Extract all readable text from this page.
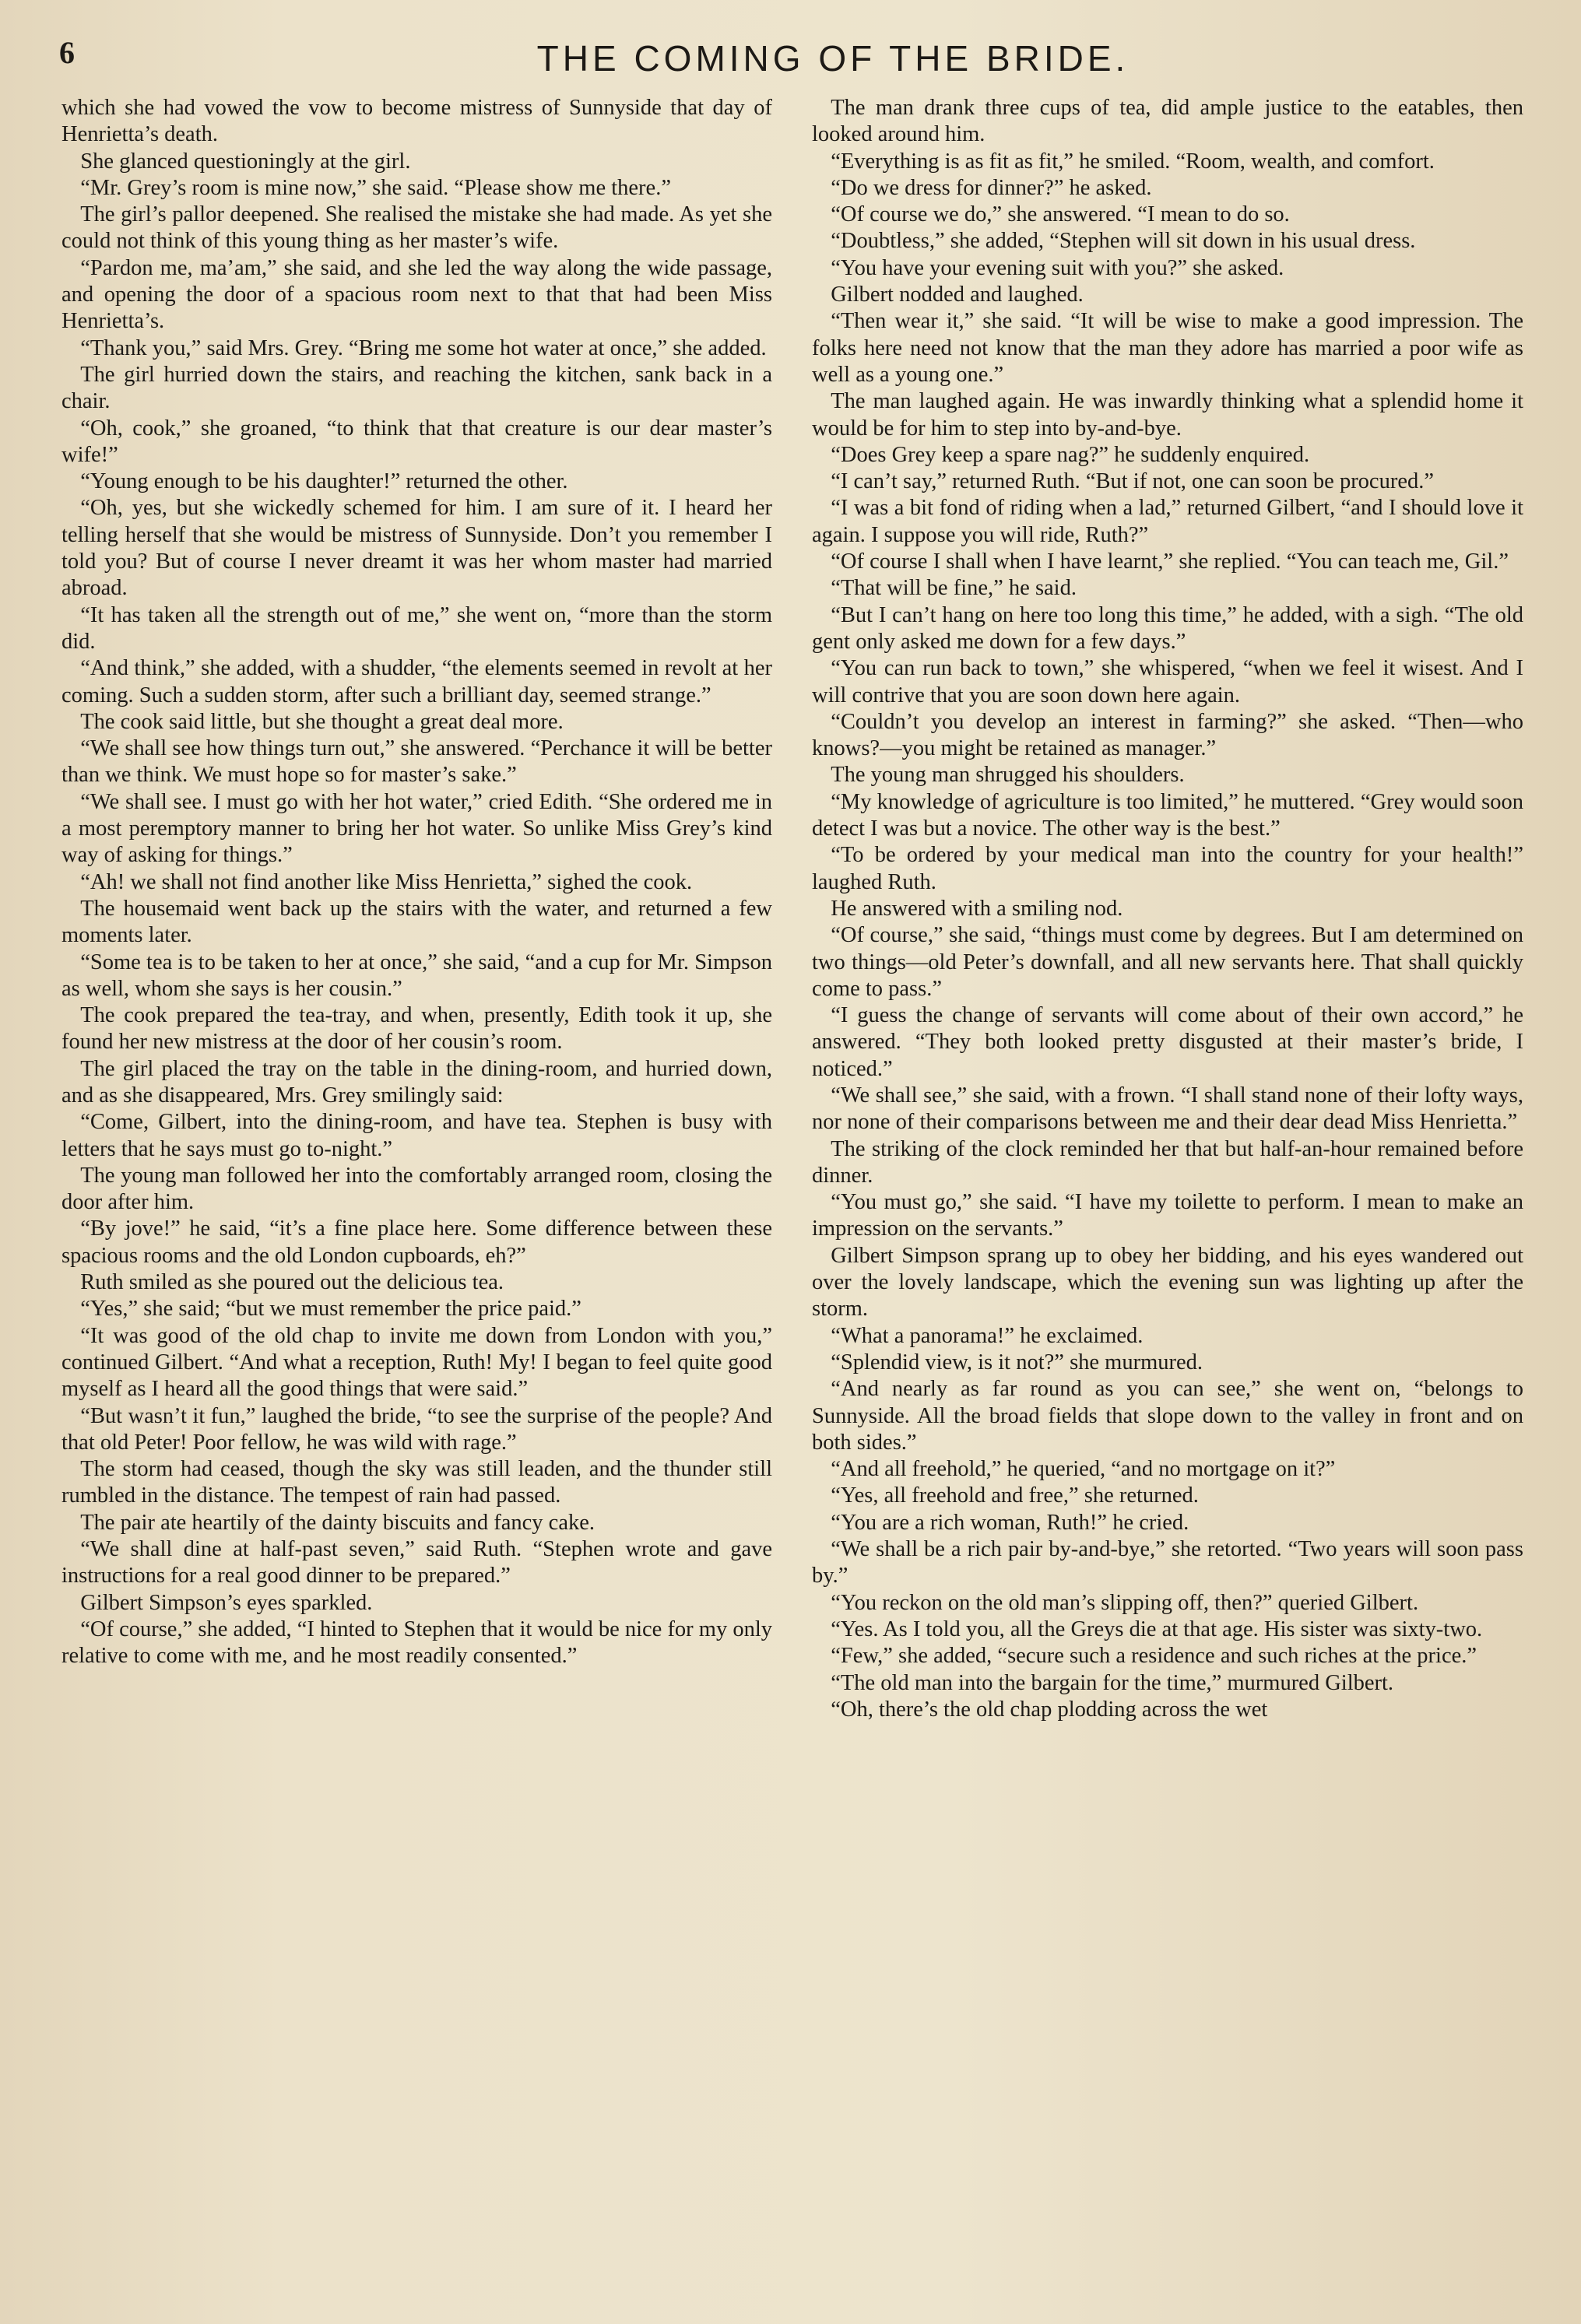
6	THE COMING OF THE BRIDE.

which she had vowed the vow to become mistress of Sunnyside that day of Henrietta’s death.

She glanced questioningly at the girl.

“Mr. Grey’s room is mine now,” she said. “Please show me there.”

The girl’s pallor deepened. She realised the mistake she had made. As yet she could not think of this young thing as her master’s wife.

“Pardon me, ma’am,” she said, and she led the way along the wide passage, and opening the door of a spacious room next to that that had been Miss Henrietta’s.

“Thank you,” said Mrs. Grey. “Bring me some hot water at once,” she added.

The girl hurried down the stairs, and reaching the kitchen, sank back in a chair.

“Oh, cook,” she groaned, “to think that that creature is our dear master’s wife!”

“Young enough to be his daughter!” returned the other.

“Oh, yes, but she wickedly schemed for him. I am sure of it. I heard her telling herself that she would be mistress of Sunnyside. Don’t you remember I told you? But of course I never dreamt it was her whom master had married abroad.

“It has taken all the strength out of me,” she went on, “more than the storm did.

“And think,” she added, with a shudder, “the elements seemed in revolt at her coming. Such a sudden storm, after such a brilliant day, seemed strange.”

The cook said little, but she thought a great deal more.

“We shall see how things turn out,” she answered. “Perchance it will be better than we think. We must hope so for master’s sake.”

“We shall see. I must go with her hot water,” cried Edith. “She ordered me in a most peremptory manner to bring her hot water. So unlike Miss Grey’s kind way of asking for things.”

“Ah! we shall not find another like Miss Henrietta,” sighed the cook.

The housemaid went back up the stairs with the water, and returned a few moments later.

“Some tea is to be taken to her at once,” she said, “and a cup for Mr. Simpson as well, whom she says is her cousin.”

The cook prepared the tea-tray, and when, presently, Edith took it up, she found her new mistress at the door of her cousin’s room.

The girl placed the tray on the table in the dining-room, and hurried down, and as she disappeared, Mrs. Grey smilingly said:

“Come, Gilbert, into the dining-room, and have tea. Stephen is busy with letters that he says must go to-night.”

The young man followed her into the comfortably arranged room, closing the door after him.

“By jove!” he said, “it’s a fine place here. Some difference between these spacious rooms and the old London cupboards, eh?”

Ruth smiled as she poured out the delicious tea.

“Yes,” she said; “but we must remember the price paid.”

“It was good of the old chap to invite me down from London with you,” continued Gilbert. “And what a reception, Ruth! My! I began to feel quite good myself as I heard all the good things that were said.”

“But wasn’t it fun,” laughed the bride, “to see the surprise of the people? And that old Peter! Poor fellow, he was wild with rage.”

The storm had ceased, though the sky was still leaden, and the thunder still rumbled in the distance. The tempest of rain had passed.

The pair ate heartily of the dainty biscuits and fancy cake.

“We shall dine at half-past seven,” said Ruth. “Stephen wrote and gave instructions for a real good dinner to be prepared.”

Gilbert Simpson’s eyes sparkled.

“Of course,” she added, “I hinted to Stephen that it would be nice for my only relative to come with me, and he most readily consented.”

The man drank three cups of tea, did ample justice to the eatables, then looked around him.

“Everything is as fit as fit,” he smiled. “Room, wealth, and comfort.

“Do we dress for dinner?” he asked.

“Of course we do,” she answered. “I mean to do so.

“Doubtless,” she added, “Stephen will sit down in his usual dress.

“You have your evening suit with you?” she asked.

Gilbert nodded and laughed.

“Then wear it,” she said. “It will be wise to make a good impression. The folks here need not know that the man they adore has married a poor wife as well as a young one.”

The man laughed again. He was inwardly thinking what a splendid home it would be for him to step into by-and-bye.

“Does Grey keep a spare nag?” he suddenly enquired.

“I can’t say,” returned Ruth. “But if not, one can soon be procured.”

“I was a bit fond of riding when a lad,” returned Gilbert, “and I should love it again. I suppose you will ride, Ruth?”

“Of course I shall when I have learnt,” she replied. “You can teach me, Gil.”

“That will be fine,” he said.

“But I can’t hang on here too long this time,” he added, with a sigh. “The old gent only asked me down for a few days.”

“You can run back to town,” she whispered, “when we feel it wisest. And I will contrive that you are soon down here again.

“Couldn’t you develop an interest in farming?” she asked. “Then—who knows?—you might be retained as manager.”

The young man shrugged his shoulders.

“My knowledge of agriculture is too limited,” he muttered. “Grey would soon detect I was but a novice. The other way is the best.”

“To be ordered by your medical man into the country for your health!” laughed Ruth.

He answered with a smiling nod.

“Of course,” she said, “things must come by degrees. But I am determined on two things—old Peter’s downfall, and all new servants here. That shall quickly come to pass.”

“I guess the change of servants will come about of their own accord,” he answered. “They both looked pretty disgusted at their master’s bride, I noticed.”

“We shall see,” she said, with a frown. “I shall stand none of their lofty ways, nor none of their comparisons between me and their dear dead Miss Henrietta.”

The striking of the clock reminded her that but half-an-hour remained before dinner.

“You must go,” she said. “I have my toilette to perform. I mean to make an impression on the servants.”

Gilbert Simpson sprang up to obey her bidding, and his eyes wandered out over the lovely landscape, which the evening sun was lighting up after the storm.

“What a panorama!” he exclaimed.

“Splendid view, is it not?” she murmured.

“And nearly as far round as you can see,” she went on, “belongs to Sunnyside. All the broad fields that slope down to the valley in front and on both sides.”

“And all freehold,” he queried, “and no mortgage on it?”

“Yes, all freehold and free,” she returned.

“You are a rich woman, Ruth!” he cried.

“We shall be a rich pair by-and-bye,” she retorted. “Two years will soon pass by.”

“You reckon on the old man’s slipping off, then?” queried Gilbert.

“Yes. As I told you, all the Greys die at that age. His sister was sixty-two.

“Few,” she added, “secure such a residence and such riches at the price.”

“The old man into the bargain for the time,” murmured Gilbert.

“Oh, there’s the old chap plodding across the wet
